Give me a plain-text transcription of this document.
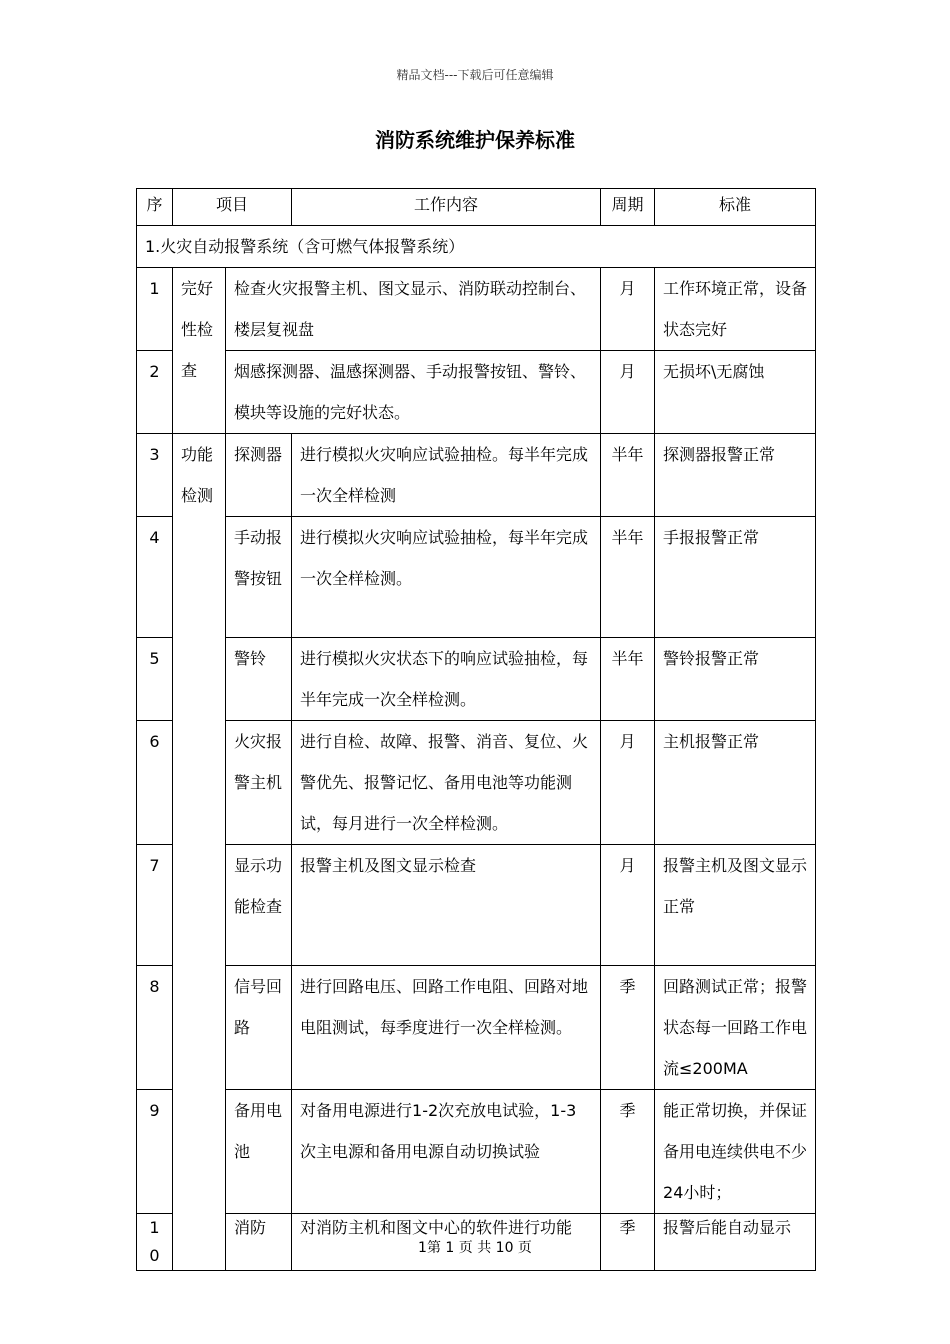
精品文档---下载后可任意编辑
消防系统维护保养标准
序	项目		工作内容	周期	标准
1.火灾自动报警系统（含可燃气体报警系统）					
1	完好性检查	检查火灾报警主机、图文显示、消防联动控制台、楼层复视盘		月	工作环境正常，设备状态完好
2		烟感探测器、温感探测器、手动报警按钮、警铃、模块等设施的完好状态。		月	无损坏\无腐蚀
3	功能检测	探测器	进行模拟火灾响应试验抽检。每半年完成一次全样检测	半年	探测器报警正常
4		手动报警按钮	进行模拟火灾响应试验抽检，每半年完成一次全样检测。	半年	手报报警正常
5		警铃	进行模拟火灾状态下的响应试验抽检，每半年完成一次全样检测。	半年	警铃报警正常
6		火灾报警主机	进行自检、故障、报警、消音、复位、火警优先、报警记忆、备用电池等功能测试，每月进行一次全样检测。	月	主机报警正常
7		显示功能检查	报警主机及图文显示检查	月	报警主机及图文显示正常
8		信号回路	进行回路电压、回路工作电阻、回路对地电阻测试，每季度进行一次全样检测。	季	回路测试正常；报警状态每一回路工作电流≤200MA
9		备用电池	对备用电源进行1-2次充放电试验，1-3次主电源和备用电源自动切换试验	季	能正常切换，并保证备用电连续供电不少24小时；
10		消防	对消防主机和图文中心的软件进行功能	季	报警后能自动显示
1第 1 页 共 10 页
